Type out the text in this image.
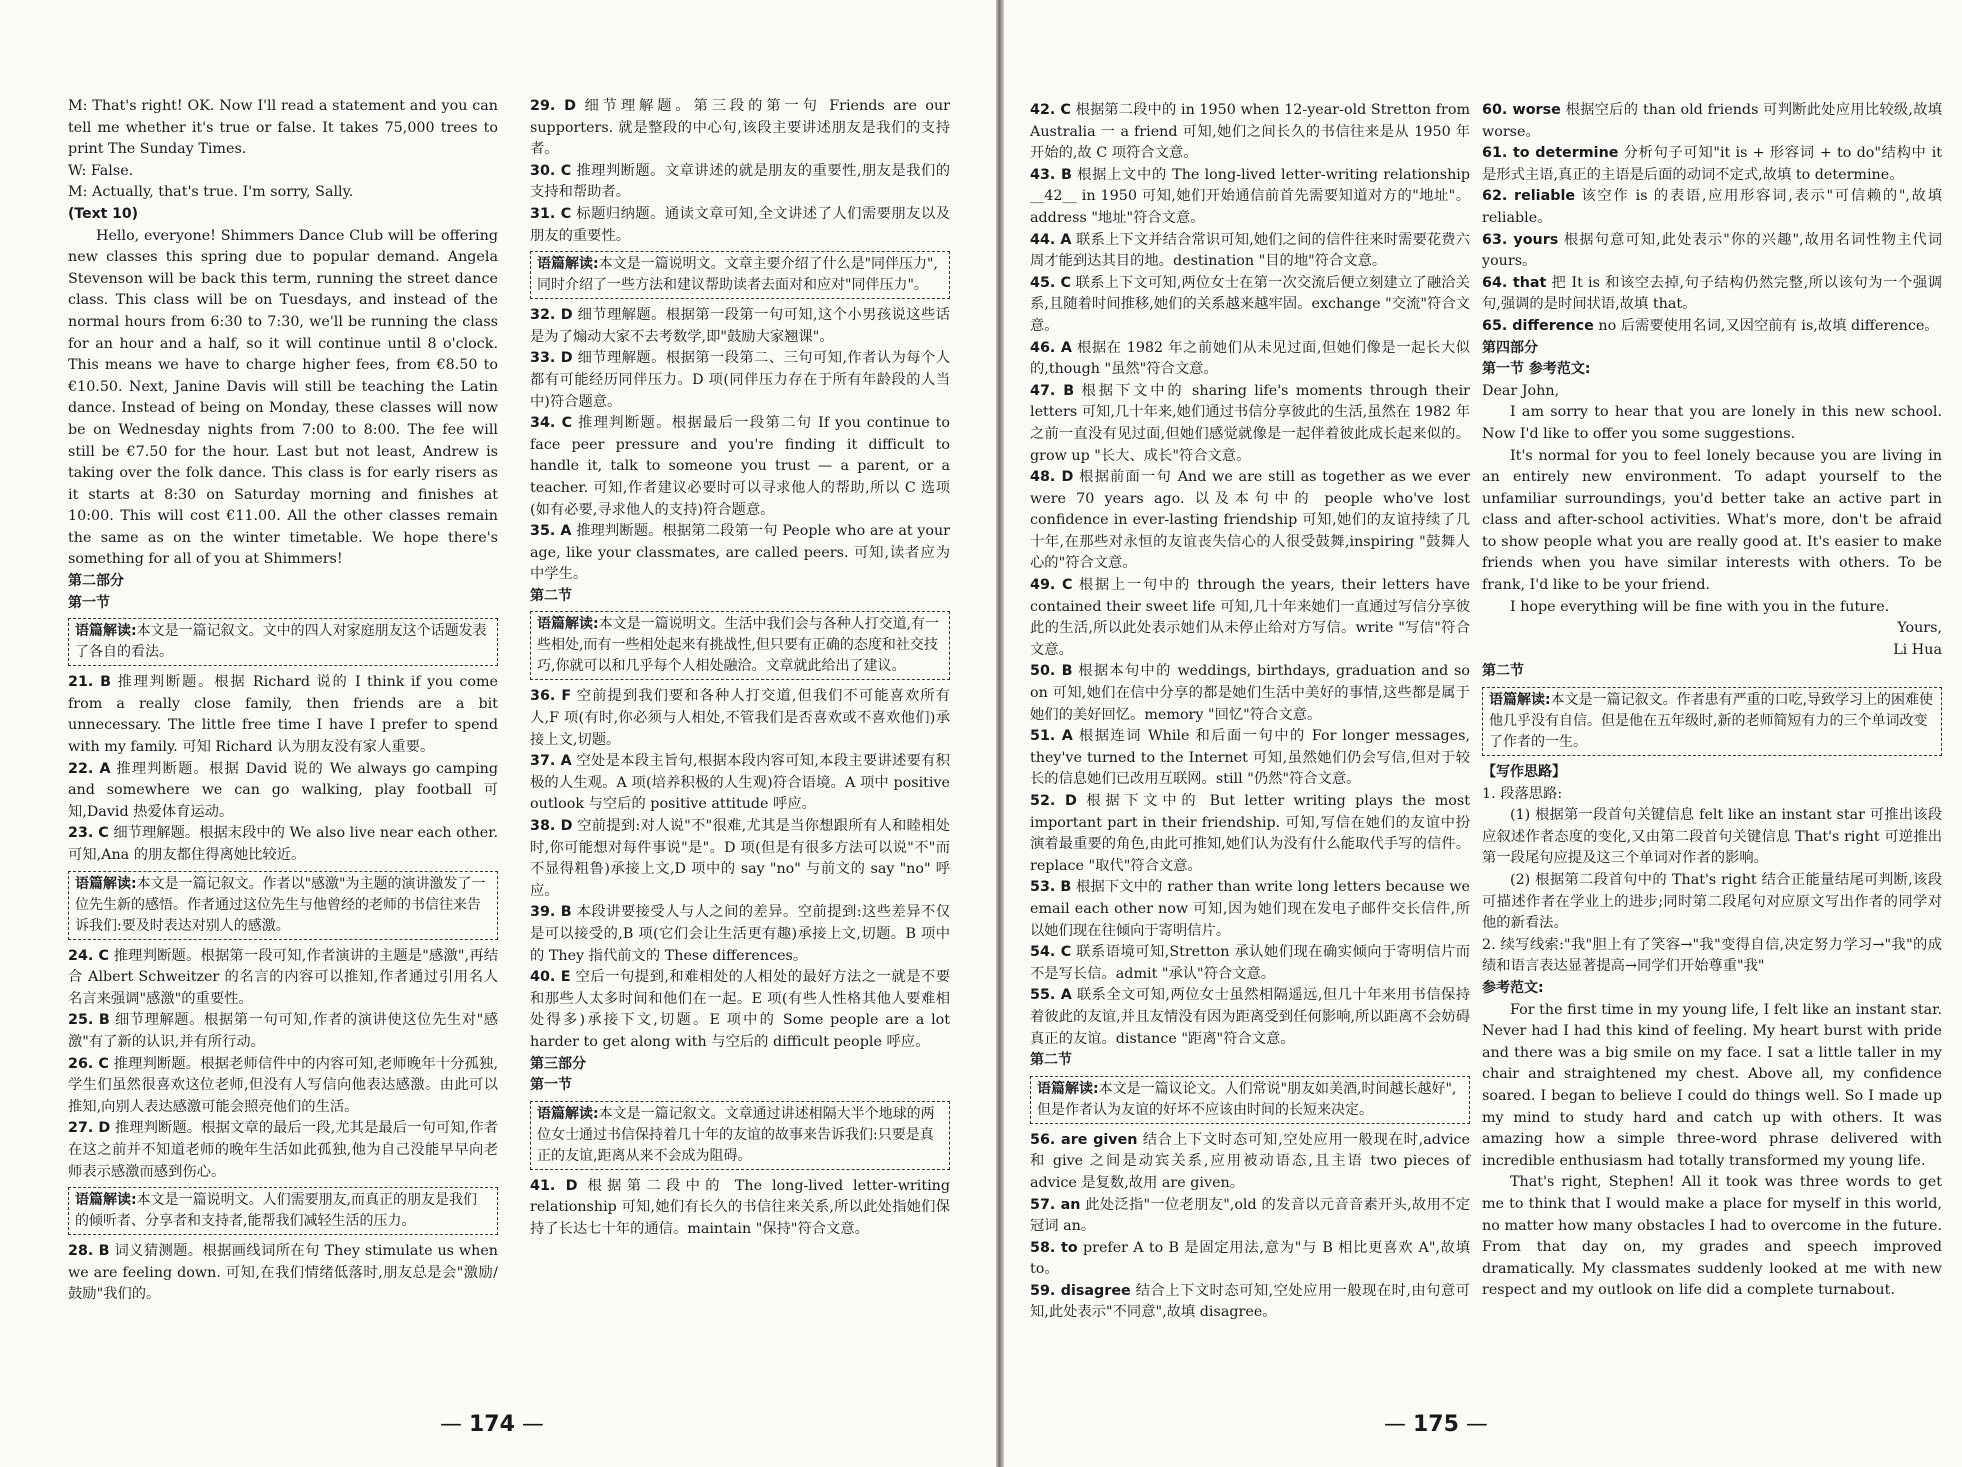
M: That's right! OK. Now I'll read a statement and you can tell me whether it's true or false. It takes 75,000 trees to print The Sunday Times.

W: False.

M: Actually, that's true. I'm sorry, Sally.

(Text 10)

Hello, everyone! Shimmers Dance Club will be offering new classes this spring due to popular demand. Angela Stevenson will be back this term, running the street dance class. This class will be on Tuesdays, and instead of the normal hours from 6:30 to 7:30, we'll be running the class for an hour and a half, so it will continue until 8 o'clock. This means we have to charge higher fees, from €8.50 to €10.50. Next, Janine Davis will still be teaching the Latin dance. Instead of being on Monday, these classes will now be on Wednesday nights from 7:00 to 8:00. The fee will still be €7.50 for the hour. Last but not least, Andrew is taking over the folk dance. This class is for early risers as it starts at 8:30 on Saturday morning and finishes at 10:00. This will cost €11.00. All the other classes remain the same as on the winter timetable. We hope there's something for all of you at Shimmers!

第二部分

第一节

语篇解读:本文是一篇记叙文。文中的四人对家庭朋友这个话题发表了各自的看法。

21. B 推理判断题。根据 Richard 说的 I think if you come from a really close family, then friends are a bit unnecessary. The little free time I have I prefer to spend with my family. 可知 Richard 认为朋友没有家人重要。

22. A 推理判断题。根据 David 说的 We always go camping and somewhere we can go walking, play football 可知,David 热爱体育运动。

23. C 细节理解题。根据末段中的 We also live near each other. 可知,Ana 的朋友都住得离她比较近。

语篇解读:本文是一篇记叙文。作者以"感激"为主题的演讲激发了一位先生新的感悟。作者通过这位先生与他曾经的老师的书信往来告诉我们:要及时表达对别人的感激。

24. C 推理判断题。根据第一段可知,作者演讲的主题是"感激",再结合 Albert Schweitzer 的名言的内容可以推知,作者通过引用名人名言来强调"感激"的重要性。

25. B 细节理解题。根据第一句可知,作者的演讲使这位先生对"感激"有了新的认识,并有所行动。

26. C 推理判断题。根据老师信件中的内容可知,老师晚年十分孤独,学生们虽然很喜欢这位老师,但没有人写信向他表达感激。由此可以推知,向别人表达感激可能会照亮他们的生活。

27. D 推理判断题。根据文章的最后一段,尤其是最后一句可知,作者在这之前并不知道老师的晚年生活如此孤独,他为自己没能早早向老师表示感激而感到伤心。

语篇解读:本文是一篇说明文。人们需要朋友,而真正的朋友是我们的倾听者、分享者和支持者,能帮我们减轻生活的压力。

28. B 词义猜测题。根据画线词所在句 They stimulate us when we are feeling down. 可知,在我们情绪低落时,朋友总是会"激励/鼓励"我们的。

29. D 细节理解题。第三段的第一句 Friends are our supporters. 就是整段的中心句,该段主要讲述朋友是我们的支持者。

30. C 推理判断题。文章讲述的就是朋友的重要性,朋友是我们的支持和帮助者。

31. C 标题归纳题。通读文章可知,全文讲述了人们需要朋友以及朋友的重要性。

语篇解读:本文是一篇说明文。文章主要介绍了什么是"同伴压力",同时介绍了一些方法和建议帮助读者去面对和应对"同伴压力"。

32. D 细节理解题。根据第一段第一句可知,这个小男孩说这些话是为了煽动大家不去考数学,即"鼓励大家翘课"。

33. D 细节理解题。根据第一段第二、三句可知,作者认为每个人都有可能经历同伴压力。D 项(同伴压力存在于所有年龄段的人当中)符合题意。

34. C 推理判断题。根据最后一段第二句 If you continue to face peer pressure and you're finding it difficult to handle it, talk to someone you trust — a parent, or a teacher. 可知,作者建议必要时可以寻求他人的帮助,所以 C 选项(如有必要,寻求他人的支持)符合题意。

35. A 推理判断题。根据第二段第一句 People who are at your age, like your classmates, are called peers. 可知,读者应为中学生。

第二节

语篇解读:本文是一篇说明文。生活中我们会与各种人打交道,有一些相处,而有一些相处起来有挑战性,但只要有正确的态度和社交技巧,你就可以和几乎每个人相处融洽。文章就此给出了建议。

36. F 空前提到我们要和各种人打交道,但我们不可能喜欢所有人,F 项(有时,你必须与人相处,不管我们是否喜欢或不喜欢他们)承接上文,切题。

37. A 空处是本段主旨句,根据本段内容可知,本段主要讲述要有积极的人生观。A 项(培养积极的人生观)符合语境。A 项中 positive outlook 与空后的 positive attitude 呼应。

38. D 空前提到:对人说"不"很难,尤其是当你想跟所有人和睦相处时,你可能想对每件事说"是"。D 项(但是有很多方法可以说"不"而不显得粗鲁)承接上文,D 项中的 say "no" 与前文的 say "no" 呼应。

39. B 本段讲要接受人与人之间的差异。空前提到:这些差异不仅是可以接受的,B 项(它们会让生活更有趣)承接上文,切题。B 项中的 They 指代前文的 These differences。

40. E 空后一句提到,和难相处的人相处的最好方法之一就是不要和那些人太多时间和他们在一起。E 项(有些人性格其他人要难相处得多)承接下文,切题。E 项中的 Some people are a lot harder to get along with 与空后的 difficult people 呼应。

第三部分

第一节

语篇解读:本文是一篇记叙文。文章通过讲述相隔大半个地球的两位女士通过书信保持着几十年的友谊的故事来告诉我们:只要是真正的友谊,距离从来不会成为阻碍。

41. D 根据第二段中的 The long-lived letter-writing relationship 可知,她们有长久的书信往来关系,所以此处指她们保持了长达七十年的通信。maintain "保持"符合文意。

— 174 —

42. C 根据第二段中的 in 1950 when 12-year-old Stretton from Australia 一 a friend 可知,她们之间长久的书信往来是从 1950 年开始的,故 C 项符合文意。

43. B 根据上文中的 The long-lived letter-writing relationship __42__ in 1950 可知,她们开始通信前首先需要知道对方的"地址"。address "地址"符合文意。

44. A 联系上下文并结合常识可知,她们之间的信件往来时需要花费六周才能到达其目的地。destination "目的地"符合文意。

45. C 联系上下文可知,两位女士在第一次交流后便立刻建立了融洽关系,且随着时间推移,她们的关系越来越牢固。exchange "交流"符合文意。

46. A 根据在 1982 年之前她们从未见过面,但她们像是一起长大似的,though "虽然"符合文意。

47. B 根据下文中的 sharing life's moments through their letters 可知,几十年来,她们通过书信分享彼此的生活,虽然在 1982 年之前一直没有见过面,但她们感觉就像是一起伴着彼此成长起来似的。grow up "长大、成长"符合文意。

48. D 根据前面一句 And we are still as together as we ever were 70 years ago. 以及本句中的 people who've lost confidence in ever-lasting friendship 可知,她们的友谊持续了几十年,在那些对永恒的友谊丧失信心的人很受鼓舞,inspiring "鼓舞人心的"符合文意。

49. C 根据上一句中的 through the years, their letters have contained their sweet life 可知,几十年来她们一直通过写信分享彼此的生活,所以此处表示她们从未停止给对方写信。write "写信"符合文意。

50. B 根据本句中的 weddings, birthdays, graduation and so on 可知,她们在信中分享的都是她们生活中美好的事情,这些都是属于她们的美好回忆。memory "回忆"符合文意。

51. A 根据连词 While 和后面一句中的 For longer messages, they've turned to the Internet 可知,虽然她们仍会写信,但对于较长的信息她们已改用互联网。still "仍然"符合文意。

52. D 根据下文中的 But letter writing plays the most important part in their friendship. 可知,写信在她们的友谊中扮演着最重要的角色,由此可推知,她们认为没有什么能取代手写的信件。replace "取代"符合文意。

53. B 根据下文中的 rather than write long letters because we email each other now 可知,因为她们现在发电子邮件交长信件,所以她们现在往倾向于寄明信片。

54. C 联系语境可知,Stretton 承认她们现在确实倾向于寄明信片而不是写长信。admit "承认"符合文意。

55. A 联系全文可知,两位女士虽然相隔遥远,但几十年来用书信保持着彼此的友谊,并且友情没有因为距离受到任何影响,所以距离不会妨碍真正的友谊。distance "距离"符合文意。

第二节

语篇解读:本文是一篇议论文。人们常说"朋友如美酒,时间越长越好",但是作者认为友谊的好坏不应该由时间的长短来决定。

56. are given 结合上下文时态可知,空处应用一般现在时,advice 和 give 之间是动宾关系,应用被动语态,且主语 two pieces of advice 是复数,故用 are given。

57. an 此处泛指"一位老朋友",old 的发音以元音音素开头,故用不定冠词 an。

58. to prefer A to B 是固定用法,意为"与 B 相比更喜欢 A",故填 to。

59. disagree 结合上下文时态可知,空处应用一般现在时,由句意可知,此处表示"不同意",故填 disagree。

60. worse 根据空后的 than old friends 可判断此处应用比较级,故填 worse。

61. to determine 分析句子可知"it is + 形容词 + to do"结构中 it 是形式主语,真正的主语是后面的动词不定式,故填 to determine。

62. reliable 该空作 is 的表语,应用形容词,表示"可信赖的",故填 reliable。

63. yours 根据句意可知,此处表示"你的兴趣",故用名词性物主代词 yours。

64. that 把 It is 和该空去掉,句子结构仍然完整,所以该句为一个强调句,强调的是时间状语,故填 that。

65. difference no 后需要使用名词,又因空前有 is,故填 difference。

第四部分

第一节 参考范文:

Dear John,

I am sorry to hear that you are lonely in this new school. Now I'd like to offer you some suggestions.

It's normal for you to feel lonely because you are living in an entirely new environment. To adapt yourself to the unfamiliar surroundings, you'd better take an active part in class and after-school activities. What's more, don't be afraid to show people what you are really good at. It's easier to make friends when you have similar interests with others. To be frank, I'd like to be your friend.

I hope everything will be fine with you in the future.

Yours,

Li Hua

第二节

语篇解读:本文是一篇记叙文。作者患有严重的口吃,导致学习上的困难使他几乎没有自信。但是他在五年级时,新的老师简短有力的三个单词改变了作者的一生。

【写作思路】

1. 段落思路:

(1) 根据第一段首句关键信息 felt like an instant star 可推出该段应叙述作者态度的变化,又由第二段首句关键信息 That's right 可逆推出第一段尾句应提及这三个单词对作者的影响。

(2) 根据第二段首句中的 That's right 结合正能量结尾可判断,该段可描述作者在学业上的进步;同时第二段尾句对应原文写出作者的同学对他的新看法。

2. 续写线索:"我"胆上有了笑容→"我"变得自信,决定努力学习→"我"的成绩和语言表达显著提高→同学们开始尊重"我"

参考范文:

For the first time in my young life, I felt like an instant star. Never had I had this kind of feeling. My heart burst with pride and there was a big smile on my face. I sat a little taller in my chair and straightened my chest. Above all, my confidence soared. I began to believe I could do things well. So I made up my mind to study hard and catch up with others. It was amazing how a simple three-word phrase delivered with incredible enthusiasm had totally transformed my young life.

That's right, Stephen! All it took was three words to get me to think that I would make a place for myself in this world, no matter how many obstacles I had to overcome in the future. From that day on, my grades and speech improved dramatically. My classmates suddenly looked at me with new respect and my outlook on life did a complete turnabout.

— 175 —
